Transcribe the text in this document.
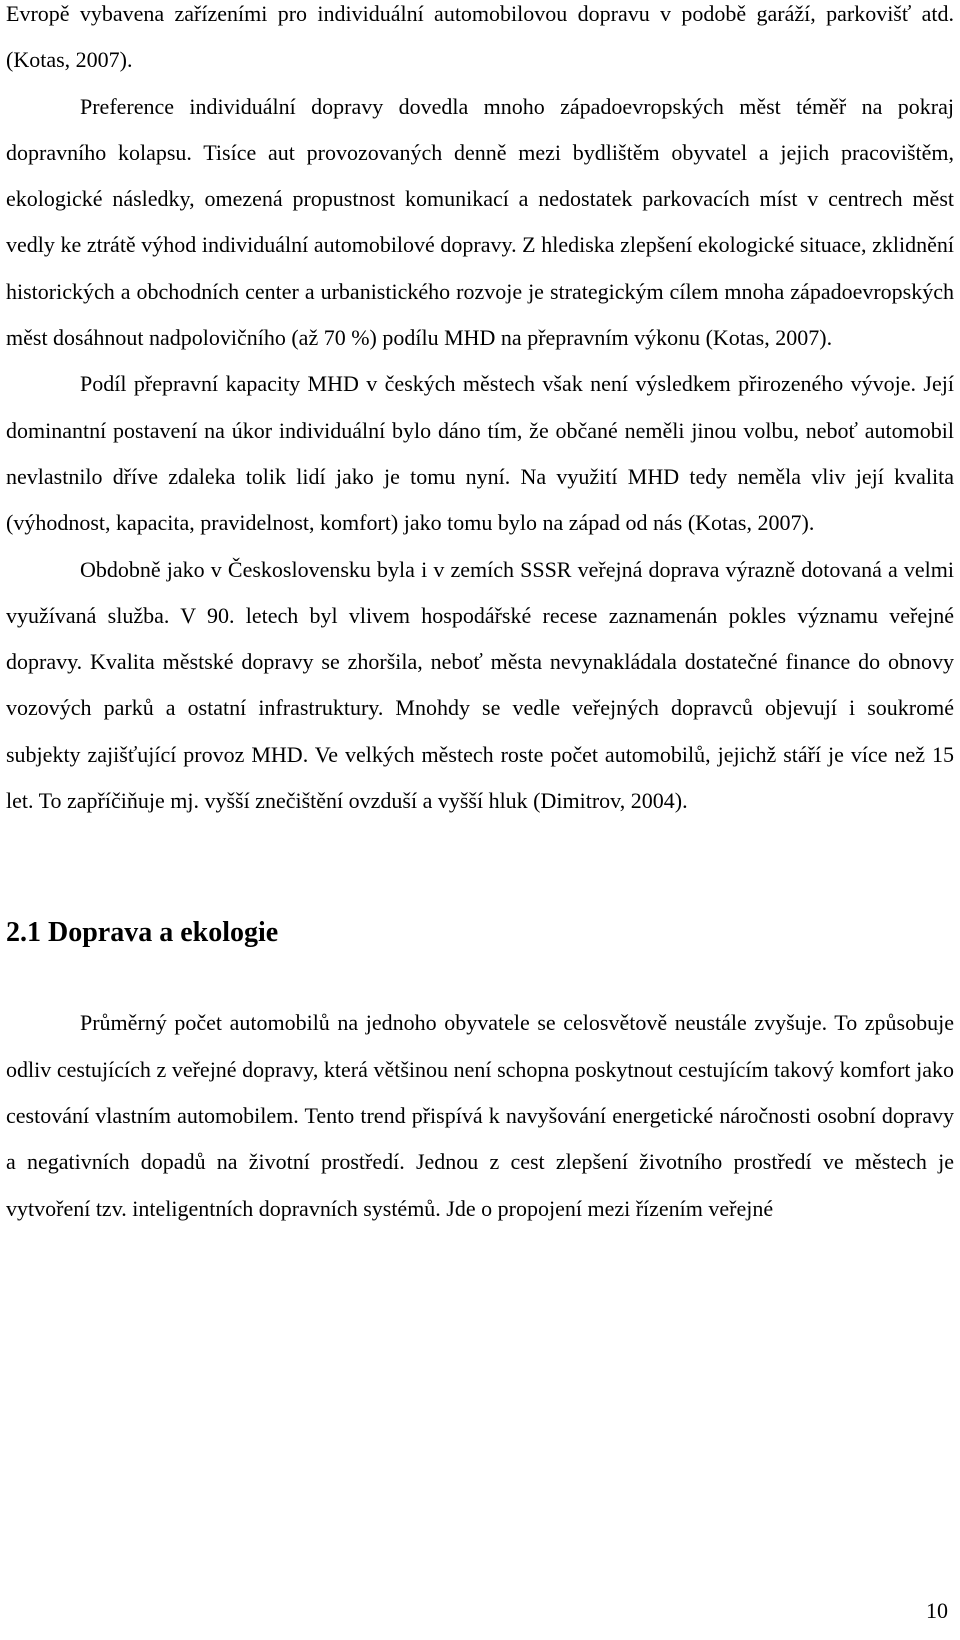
Evropě vybavena zařízeními pro individuální automobilovou dopravu v podobě garáží, parkovišť atd. (Kotas, 2007).

Preference individuální dopravy dovedla mnoho západoevropských měst téměř na pokraj dopravního kolapsu. Tisíce aut provozovaných denně mezi bydlištěm obyvatel a jejich pracovištěm, ekologické následky, omezená propustnost komunikací a nedostatek parkovacích míst v centrech měst vedly ke ztrátě výhod individuální automobilové dopravy. Z hlediska zlepšení ekologické situace, zklidnění historických a obchodních center a urbanistického rozvoje je strategickým cílem mnoha západoevropských měst dosáhnout nadpolovičního (až 70 %) podílu MHD na přepravním výkonu (Kotas, 2007).

Podíl přepravní kapacity MHD v českých městech však není výsledkem přirozeného vývoje. Její dominantní postavení na úkor individuální bylo dáno tím, že občané neměli jinou volbu, neboť automobil nevlastnilo dříve zdaleka tolik lidí jako je tomu nyní. Na využití MHD tedy neměla vliv její kvalita (výhodnost, kapacita, pravidelnost, komfort) jako tomu bylo na západ od nás (Kotas, 2007).

Obdobně jako v Československu byla i v zemích SSSR veřejná doprava výrazně dotovaná a velmi využívaná služba. V 90. letech byl vlivem hospodářské recese zaznamenán pokles významu veřejné dopravy. Kvalita městské dopravy se zhoršila, neboť města nevynakládala dostatečné finance do obnovy vozových parků a ostatní infrastruktury. Mnohdy se vedle veřejných dopravců objevují i soukromé subjekty zajišťující provoz MHD. Ve velkých městech roste počet automobilů, jejichž stáří je více než 15 let. To zapříčiňuje mj. vyšší znečištění ovzduší a vyšší hluk (Dimitrov, 2004).

2.1 Doprava a ekologie

Průměrný počet automobilů na jednoho obyvatele se celosvětově neustále zvyšuje. To způsobuje odliv cestujících z veřejné dopravy, která většinou není schopna poskytnout cestujícím takový komfort jako cestování vlastním automobilem. Tento trend přispívá k navyšování energetické náročnosti osobní dopravy a negativních dopadů na životní prostředí. Jednou z cest zlepšení životního prostředí ve městech je vytvoření tzv. inteligentních dopravních systémů. Jde o propojení mezi řízením veřejné

10
